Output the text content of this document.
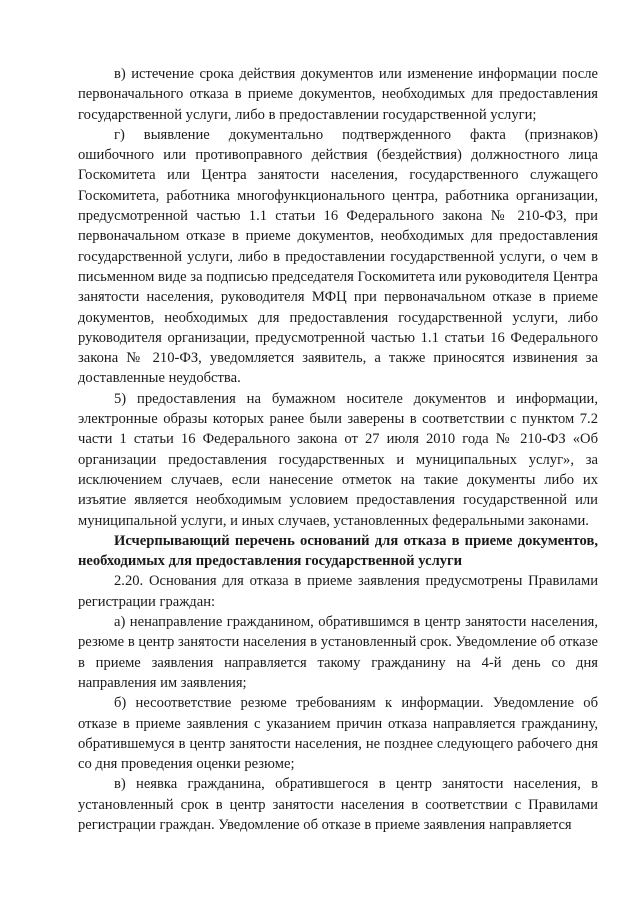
в) истечение срока действия документов или изменение информации после первоначального отказа в приеме документов, необходимых для предоставления государственной услуги, либо в предоставлении государственной услуги;

г) выявление документально подтвержденного факта (признаков) ошибочного или противоправного действия (бездействия) должностного лица Госкомитета или Центра занятости населения, государственного служащего Госкомитета, работника многофункционального центра, работника организации, предусмотренной частью 1.1 статьи 16 Федерального закона № 210-ФЗ, при первоначальном отказе в приеме документов, необходимых для предоставления государственной услуги, либо в предоставлении государственной услуги, о чем в письменном виде за подписью председателя Госкомитета или руководителя Центра занятости населения, руководителя МФЦ при первоначальном отказе в приеме документов, необходимых для предоставления государственной услуги, либо руководителя организации, предусмотренной частью 1.1 статьи 16 Федерального закона № 210-ФЗ, уведомляется заявитель, а также приносятся извинения за доставленные неудобства.

5) предоставления на бумажном носителе документов и информации, электронные образы которых ранее были заверены в соответствии с пунктом 7.2 части 1 статьи 16 Федерального закона от 27 июля 2010 года № 210-ФЗ «Об организации предоставления государственных и муниципальных услуг», за исключением случаев, если нанесение отметок на такие документы либо их изъятие является необходимым условием предоставления государственной или муниципальной услуги, и иных случаев, установленных федеральными законами.

Исчерпывающий перечень оснований для отказа в приеме документов, необходимых для предоставления государственной услуги

2.20. Основания для отказа в приеме заявления предусмотрены Правилами регистрации граждан:

а) ненаправление гражданином, обратившимся в центр занятости населения, резюме в центр занятости населения в установленный срок. Уведомление об отказе в приеме заявления направляется такому гражданину на 4-й день со дня направления им заявления;

б) несоответствие резюме требованиям к информации. Уведомление об отказе в приеме заявления с указанием причин отказа направляется гражданину, обратившемуся в центр занятости населения, не позднее следующего рабочего дня со дня проведения оценки резюме;

в) неявка гражданина, обратившегося в центр занятости населения, в установленный срок в центр занятости населения в соответствии с Правилами регистрации граждан. Уведомление об отказе в приеме заявления направляется
